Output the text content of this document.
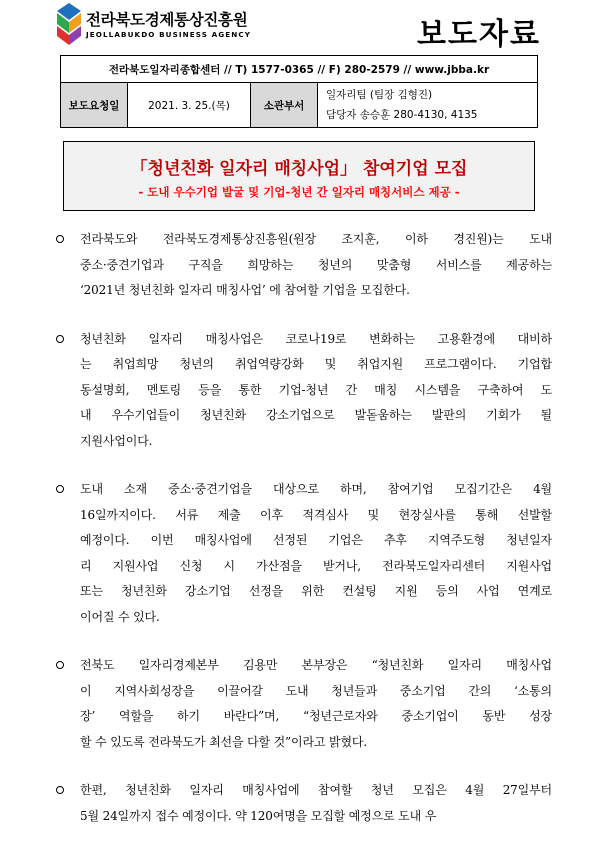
전라북도경제통상진흥원
JEOLLABUKDO BUSINESS AGENCY	보도자료
전라북도일자리종합센터 // T) 1577-0365 // F) 280-2579 // www.jbba.kr
보도요청일	2021. 3. 25.(목)	소관부서	
일자리팀 (팀장 김형진)
담당자 송승훈 280-4130, 4135
「청년친화 일자리 매칭사업」 참여기업 모집
- 도내 우수기업 발굴 및 기업-청년 간 일자리 매칭서비스 제공 -
전라북도와 전라북도경제통상진흥원(원장 조지훈, 이하 경진원)는 도내
중소·중견기업과 구직을 희망하는 청년의 맞춤형 서비스를 제공하는
‘2021년 청년친화 일자리 매칭사업’ 에 참여할 기업을 모집한다.
청년친화 일자리 매칭사업은 코로나19로 변화하는 고용환경에 대비하
는 취업희망 청년의 취업역량강화 및 취업지원 프로그램이다. 기업합
동설명회, 멘토링 등을 통한 기업-청년 간 매칭 시스템을 구축하여 도
내 우수기업들이 청년친화 강소기업으로 발돋움하는 발판의 기회가 될
지원사업이다.
도내 소재 중소·중견기업을 대상으로 하며, 참여기업 모집기간은 4월
16일까지이다. 서류 제출 이후 적격심사 및 현장실사를 통해 선발할
예정이다. 이번 매칭사업에 선정된 기업은 추후 지역주도형 청년일자
리 지원사업 신청 시 가산점을 받거나, 전라북도일자리센터 지원사업
또는 청년친화 강소기업 선정을 위한 컨설팅 지원 등의 사업 연계로
이어질 수 있다.
전북도 일자리경제본부 김용만 본부장은 “청년친화 일자리 매칭사업
이 지역사회성장을 이끌어갈 도내 청년들과 중소기업 간의 ‘소통의
장’ 역할을 하기 바란다”며, “청년근로자와 중소기업이 동반 성장
할 수 있도록 전라북도가 최선을 다할 것”이라고 밝혔다.
한편, 청년친화 일자리 매칭사업에 참여할 청년 모집은 4월 27일부터
5월 24일까지 접수 예정이다. 약 120여명을 모집할 예정으로 도내 우
